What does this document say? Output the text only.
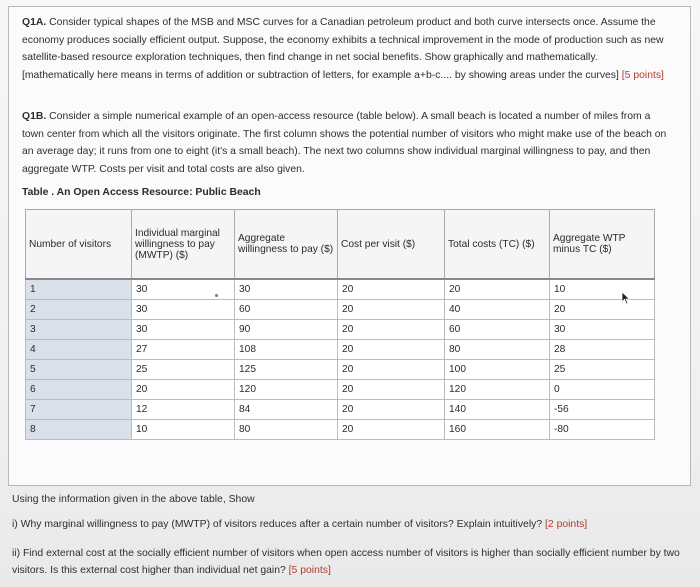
Q1A. Consider typical shapes of the MSB and MSC curves for a Canadian petroleum product and both curve intersects once. Assume the economy produces socially efficient output. Suppose, the economy exhibits a technical improvement in the mode of production such as new satellite-based resource exploration techniques, then find change in net social benefits. Show graphically and mathematically. [mathematically here means in terms of addition or subtraction of letters, for example a+b-c.... by showing areas under the curves] [5 points]
Q1B. Consider a simple numerical example of an open-access resource (table below). A small beach is located a number of miles from a town center from which all the visitors originate. The first column shows the potential number of visitors who might make use of the beach on an average day; it runs from one to eight (it's a small beach). The next two columns show individual marginal willingness to pay, and then aggregate WTP. Costs per visit and total costs are also given.
Table . An Open Access Resource: Public Beach
Number of visitors	Individual marginal willingness to pay (MWTP) ($)	Aggregate willingness to pay ($)	Cost per visit ($)	Total costs (TC) ($)	Aggregate WTP minus TC ($)
1	30	30	20	20	10
2	30	60	20	40	20
3	30	90	20	60	30
4	27	108	20	80	28
5	25	125	20	100	25
6	20	120	20	120	0
7	12	84	20	140	-56
8	10	80	20	160	-80
Using the information given in the above table, Show
i) Why marginal willingness to pay (MWTP) of visitors reduces after a certain number of visitors? Explain intuitively? [2 points]
ii) Find external cost at the socially efficient number of visitors when open access number of visitors is higher than socially efficient number by two visitors. Is this external cost higher than individual net gain? [5 points]
